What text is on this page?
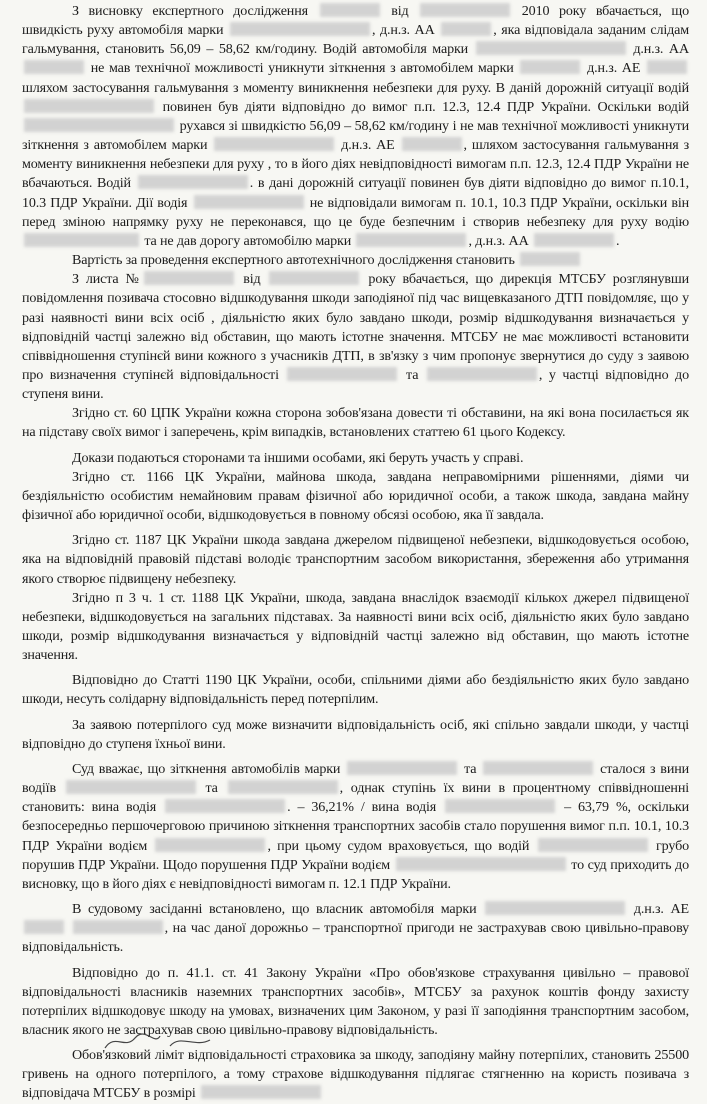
З висновку експертного дослідження	від	2010 року вбачається, що швидкість руху автомобіля марки	, д.н.з. АА	, яка відповідала заданим слідам гальмування, становить 56,09 – 58,62 км/годину. Водій автомобіля марки	д.н.з. АА  не мав технічної можливості уникнути зіткнення з автомобілем марки	д.н.з. АЕ  шляхом застосування гальмування з моменту виникнення небезпеки для руху. В даній дорожній ситуації водій  повинен був діяти відповідно до вимог п.п. 12.3, 12.4 ПДР України. Оскільки водій  рухався зі швидкістю 56,09 – 58,62 км/годину і не мав технічної можливості уникнути зіткнення з автомобілем марки	д.н.з. АЕ	, шляхом застосування гальмування з моменту виникнення небезпеки для руху , то в його діях невідповідності вимогам п.п. 12.3, 12.4 ПДР України не вбачаються. Водій	. в дані дорожній ситуації повинен був діяти відповідно до вимог п.10.1, 10.3 ПДР України. Дії водія	не відповідали вимогам п. 10.1, 10.3 ПДР України, оскільки він перед зміною напрямку руху не переконався, що це буде безпечним і створив небезпеку для руху водію  та не дав дорогу автомобілю марки	, д.н.з. АА	.

Вартість за проведення експертного автотехнічного дослідження становить

З листа №	від	року вбачається, що дирекція МТСБУ розглянувши повідомлення позивача стосовно відшкодування шкоди заподіяної під час вищевказаного ДТП повідомляє, що у разі наявності вини всіх осіб , діяльністю яких було завдано шкоди, розмір відшкодування визначається у відповідній частці залежно від обставин, що мають істотне значення. МТСБУ не має можливості встановити співвідношення ступінєй вини кожного з учасників ДТП, в зв'язку з чим пропонує звернутися до суду з заявою про визначення ступінєй відповідальності	та	, у частці відповідно до ступеня вини.

Згідно ст. 60 ЦПК України кожна сторона зобов'язана довести ті обставини, на які вона посилається як на підставу своїх вимог і заперечень, крім випадків, встановлених статтею 61 цього Кодексу.

Докази подаються сторонами та іншими особами, які беруть участь у справі.

Згідно ст. 1166 ЦК України, майнова шкода, завдана неправомірними рішеннями, діями чи бездіяльністю особистим немайновим правам фізичної або юридичної особи, а також шкода, завдана майну фізичної або юридичної особи, відшкодовується в повному обсязі особою, яка її завдала.

Згідно ст. 1187 ЦК України шкода завдана джерелом підвищеної небезпеки, відшкодовується особою, яка на відповідній правовій підставі володіє транспортним засобом використання, збереження або утримання якого створює підвищену небезпеку.

Згідно п 3 ч. 1 ст. 1188 ЦК України, шкода, завдана внаслідок взаємодії кількох джерел підвищеної небезпеки, відшкодовується на загальних підставах. За наявності вини всіх осіб, діяльністю яких було завдано шкоди, розмір відшкодування визначається у відповідній частці залежно від обставин, що мають істотне значення.

Відповідно до Статті 1190 ЦК України, особи, спільними діями або бездіяльністю яких було завдано шкоди, несуть солідарну відповідальність перед потерпілим.

За заявою потерпілого суд може визначити відповідальність осіб, які спільно завдали шкоди, у частці відповідно до ступеня їхньої вини.

Суд вважає, що зіткнення автомобілів марки	та	сталося з вини водіїв	та	, однак ступінь їх вини в процентному співвідношенні становить: вина водія	. – 36,21% / вина водія	– 63,79 %, оскільки безпосередньо першочерговою причиною зіткнення транспортних засобів стало порушення вимог п.п. 10.1, 10.3 ПДР України водієм	, при цьому судом враховується, що водій	грубо порушив ПДР України. Щодо порушення ПДР України водієм	то суд приходить до висновку, що в його діях є невідповідності вимогам п. 12.1 ПДР України.

В судовому засіданні встановлено, що власник автомобіля марки	д.н.з. АЕ  , на час даної дорожньо – транспортної пригоди не застрахував свою цивільно-правову відповідальність.

Відповідно до п. 41.1. ст. 41 Закону України «Про обов'язкове страхування цивільно – правової відповідальності власників наземних транспортних засобів», МТСБУ за рахунок коштів фонду захисту потерпілих відшкодовує шкоду на умовах, визначених цим Законом, у разі її заподіяння транспортним засобом, власник якого не застрахував свою цивільно-правову відповідальність.

Обов'язковий ліміт відповідальності страховика за шкоду, заподіяну майну потерпілих, становить 25500 гривень на одного потерпілого, а тому страхове відшкодування підлягає стягненню на користь позивача з відповідача МТСБУ в розмірі
